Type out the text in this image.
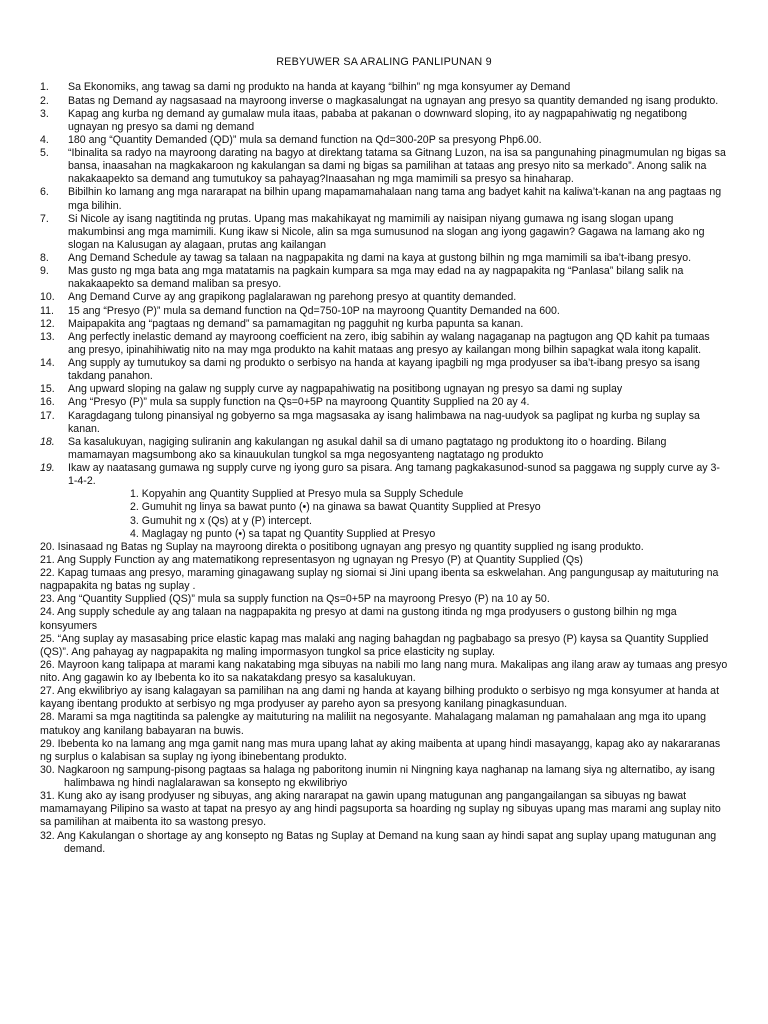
REBYUWER SA ARALING PANLIPUNAN 9
1.	Sa Ekonomiks, ang tawag sa dami ng produkto na handa at kayang “bilhin” ng mga konsyumer ay Demand
2.	Batas ng Demand ay nagsasaad na mayroong inverse o magkasalungat na ugnayan ang presyo sa quantity demanded ng isang produkto.
3.	Kapag ang kurba ng demand ay gumalaw mula itaas, pababa at pakanan o downward sloping, ito ay nagpapahiwatig ng negatibong ugnayan ng presyo sa dami ng demand
4.	180 ang “Quantity Demanded (QD)” mula sa demand function na Qd=300-20P sa presyong Php6.00.
5.	“Ibinalita sa radyo na mayroong darating na bagyo at direktang tatama sa Gitnang Luzon, na isa sa pangunahing pinagmumulan ng bigas sa bansa, inaasahan na magkakaroon ng kakulangan sa dami ng bigas sa pamilihan at tataas ang presyo nito sa merkado”. Anong salik na nakakaapekto sa demand ang tumutukoy sa pahayag?Inaasahan ng mga mamimili sa presyo sa hinaharap.
6.	Bibilhin ko lamang ang mga nararapat na bilhin upang mapamamahalaan nang tama ang badyet kahit na kaliwa’t-kanan na ang pagtaas ng mga bilihin.
7.	Si Nicole ay isang nagtitinda ng prutas. Upang mas makahikayat ng mamimili ay naisipan niyang gumawa ng isang slogan upang makumbinsi ang mga mamimili. Kung ikaw si Nicole, alin sa mga sumusunod na slogan ang iyong gagawin? Gagawa na lamang ako ng slogan na Kalusugan ay alagaan, prutas ang kailangan
8.	Ang Demand Schedule ay tawag sa talaan na nagpapakita ng dami na kaya at gustong bilhin ng mga mamimili sa iba’t-ibang presyo.
9.	Mas gusto ng mga bata ang mga matatamis na pagkain kumpara sa mga may edad na ay nagpapakita ng “Panlasa” bilang salik na nakakaapekto sa demand maliban sa presyo.
10.	Ang Demand Curve ay ang grapikong paglalarawan ng parehong presyo at quantity demanded.
11.	15 ang “Presyo (P)” mula sa demand function na Qd=750-10P na mayroong Quantity Demanded na 600.
12.	Maipapakita ang “pagtaas ng demand” sa pamamagitan ng pagguhit ng kurba papunta sa kanan.
13.	Ang perfectly inelastic demand ay mayroong coefficient na zero, ibig sabihin ay walang nagaganap na pagtugon ang QD kahit pa tumaas ang presyo, ipinahihiwatig nito na may mga produkto na kahit mataas ang presyo ay kailangan mong bilhin sapagkat wala itong kapalit.
14.	Ang supply ay tumutukoy sa dami ng produkto o serbisyo na handa at kayang ipagbili ng mga prodyuser sa iba’t-ibang presyo sa isang takdang panahon.
15.	Ang upward sloping na galaw ng supply curve ay nagpapahiwatig na positibong ugnayan ng presyo sa dami ng suplay
16.	Ang “Presyo (P)” mula sa supply function na Qs=0+5P na mayroong Quantity Supplied na 20 ay 4.
17.	Karagdagang tulong pinansiyal ng gobyerno sa mga magsasaka ay isang halimbawa na nag-uudyok sa paglipat ng kurba ng suplay sa kanan.
18.	Sa kasalukuyan, nagiging suliranin ang kakulangan ng asukal dahil sa di umano pagtatago ng produktong ito o hoarding. Bilang mamamayan magsumbong ako sa kinauukulan tungkol sa mga negosyanteng nagtatago ng produkto
19.	Ikaw ay naatasang gumawa ng supply curve ng iyong guro sa pisara. Ang tamang pagkakasunod-sunod sa paggawa ng supply curve ay 3-1-4-2.
1. Kopyahin ang Quantity Supplied at Presyo mula sa Supply Schedule
2. Gumuhit ng linya sa bawat punto (•) na ginawa sa bawat Quantity Supplied at Presyo
3. Gumuhit ng x (Qs) at y (P) intercept.
4. Maglagay ng punto (•) sa tapat ng Quantity Supplied at Presyo
20. Isinasaad ng Batas ng Suplay na mayroong direkta o positibong ugnayan ang presyo ng quantity supplied ng isang produkto.
21. Ang Supply Function ay ang matematikong representasyon ng ugnayan ng Presyo (P) at Quantity Supplied (Qs)
22. Kapag tumaas ang presyo, maraming ginagawang suplay ng siomai si Jini upang ibenta sa eskwelahan. Ang pangungusap ay maituturing na nagpapakita ng batas ng suplay .
23. Ang “Quantity Supplied (QS)” mula sa supply function na Qs=0+5P na mayroong Presyo (P) na 10 ay 50.
24. Ang supply schedule ay ang talaan na nagpapakita ng presyo at dami na gustong itinda ng mga prodyusers o gustong bilhin ng mga konsyumers
25. “Ang suplay ay masasabing price elastic kapag mas malaki ang naging bahagdan ng pagbabago sa presyo (P) kaysa sa Quantity Supplied (QS)”. Ang pahayag ay nagpapakita ng maling impormasyon tungkol sa price elasticity ng suplay.
26. Mayroon kang talipapa at marami kang nakatabing mga sibuyas na nabili mo lang nang mura. Makalipas ang ilang araw ay tumaas ang presyo nito. Ang gagawin ko ay Ibebenta ko ito sa nakatakdang presyo sa kasalukuyan.
27. Ang ekwilibriyo ay isang kalagayan sa pamilihan na ang dami ng handa at kayang bilhing produkto o serbisyo ng mga konsyumer at handa at kayang ibentang produkto at serbisyo ng mga prodyuser ay pareho ayon sa presyong kanilang pinagkasunduan.
28. Marami sa mga nagtitinda sa palengke ay maituturing na maliliit na negosyante. Mahalagang malaman ng pamahalaan ang mga ito upang matukoy ang kanilang babayaran na buwis.
29. Ibebenta ko na lamang ang mga gamit nang mas mura upang lahat ay aking maibenta at upang hindi masayangg, kapag ako ay nakararanas ng surplus o kalabisan sa suplay ng iyong ibinebentang produkto.
30. Nagkaroon ng sampung-pisong pagtaas sa halaga ng paboritong inumin ni Ningning kaya naghanap na lamang siya ng alternatibo, ay isang halimbawa ng hindi naglalarawan sa konsepto ng ekwilibriyo
31. Kung ako ay isang prodyuser ng sibuyas, ang aking nararapat na gawin upang matugunan ang pangangailangan sa sibuyas ng bawat mamamayang Pilipino sa wasto at tapat na presyo ay ang hindi pagsuporta sa hoarding ng suplay ng sibuyas upang mas marami ang suplay nito sa pamilihan at maibenta ito sa wastong presyo.
32. Ang Kakulangan o shortage ay ang konsepto ng Batas ng Suplay at Demand na kung saan ay hindi sapat ang suplay upang matugunan ang demand.
